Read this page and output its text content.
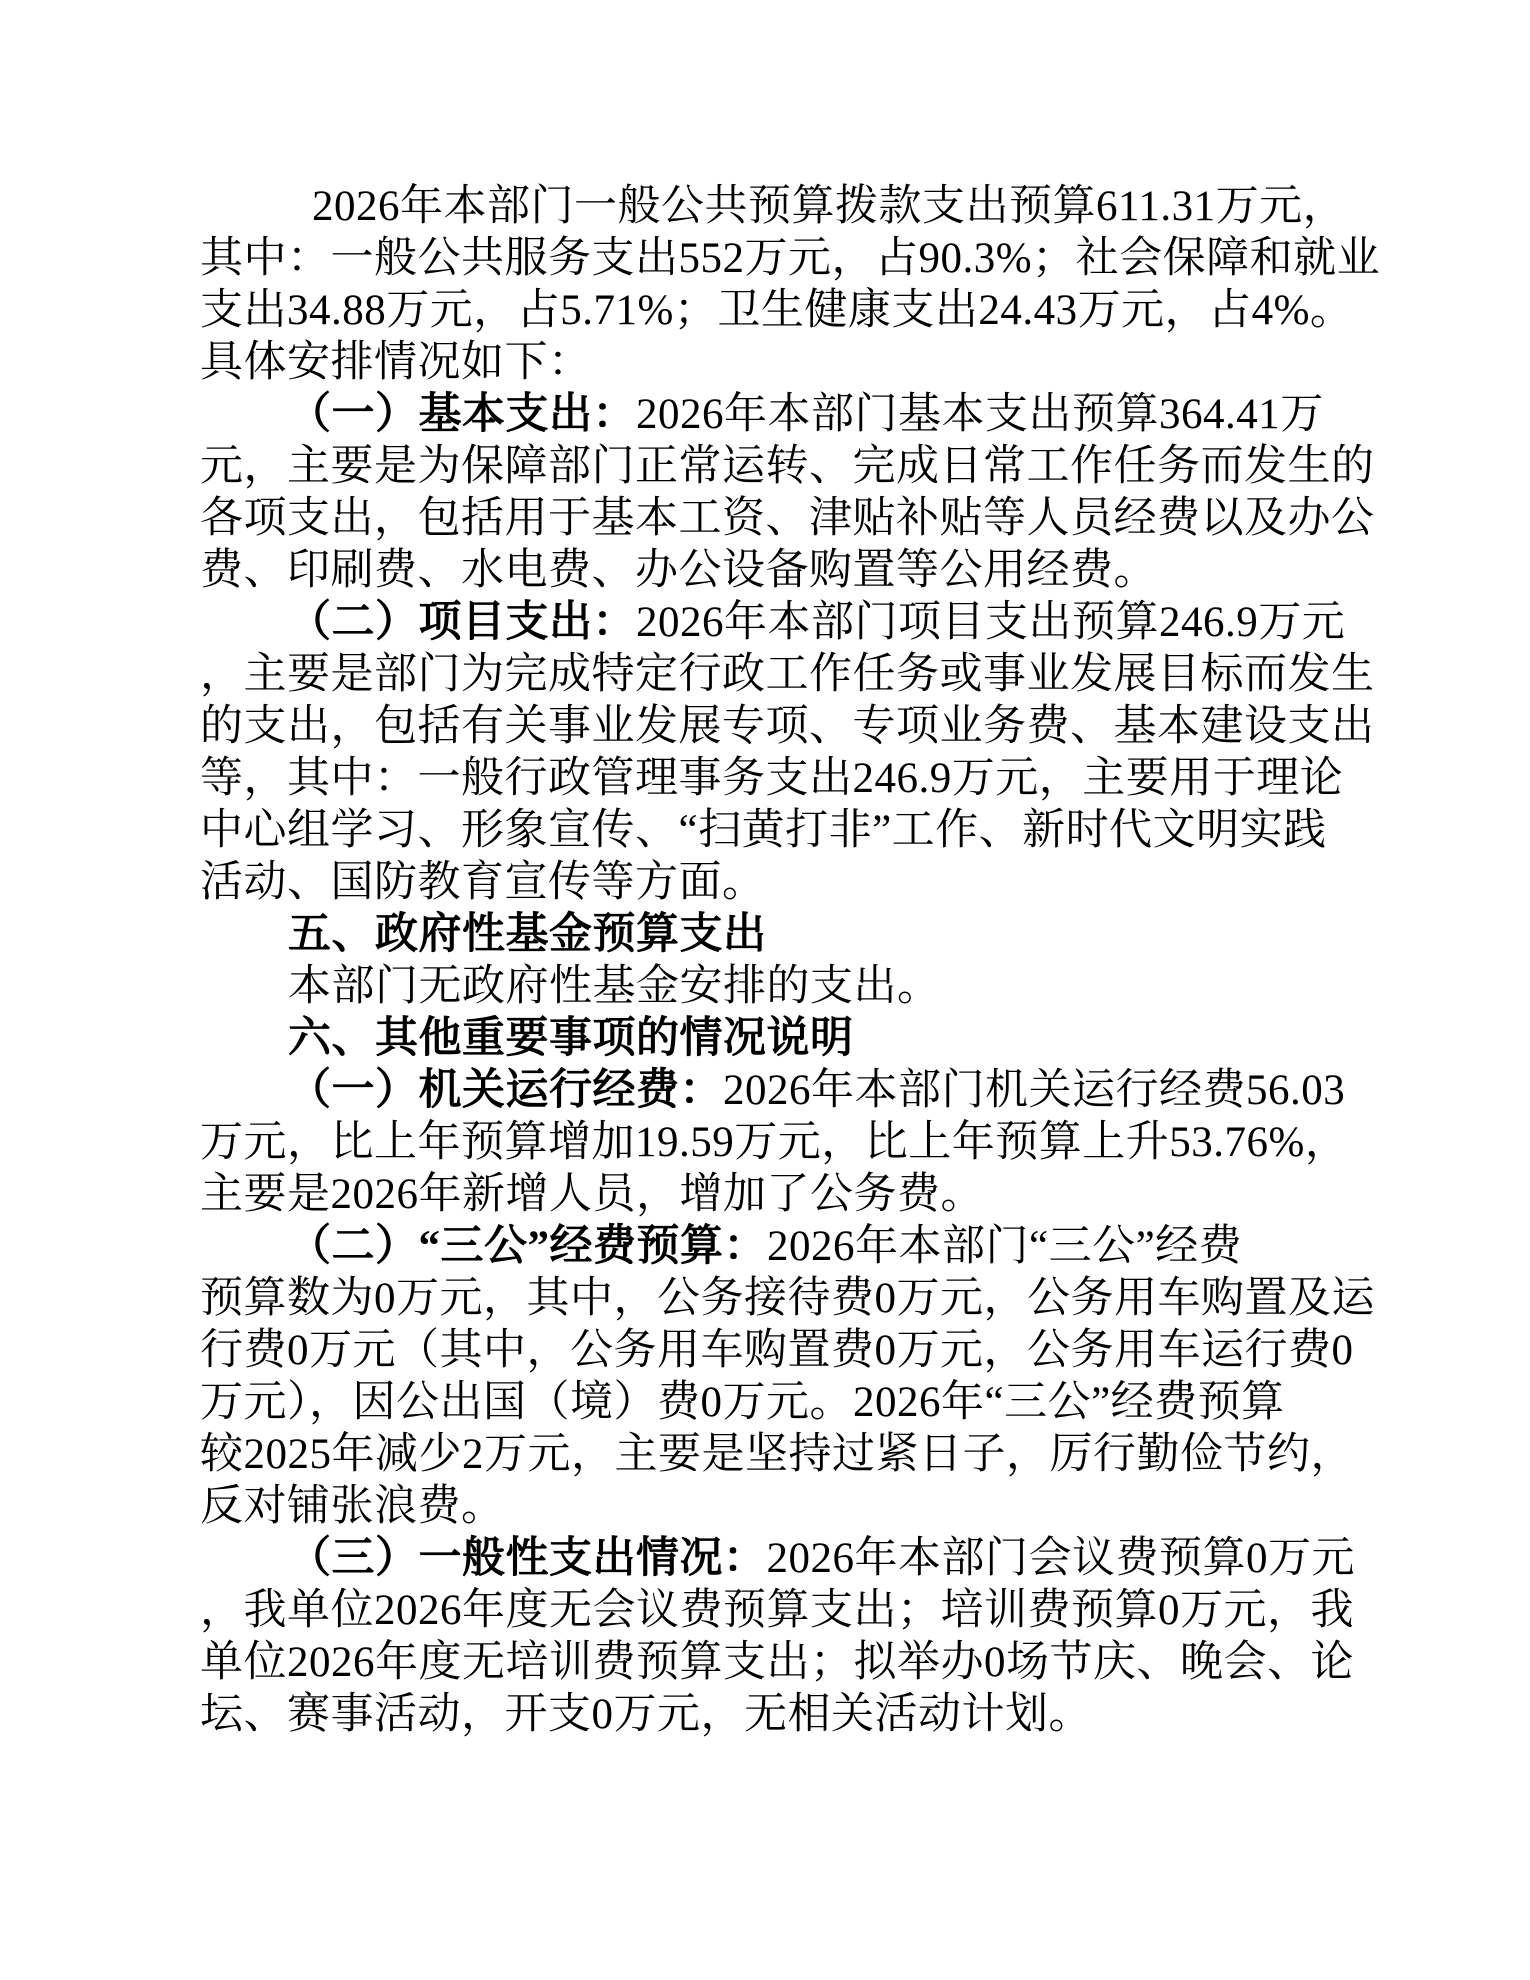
2026年本部门一般公共预算拨款支出预算611.31万元，
其中：一般公共服务支出552万元，占90.3%；社会保障和就业
支出34.88万元，占5.71%；卫生健康支出24.43万元，占4%。
具体安排情况如下：
（一）基本支出：2026年本部门基本支出预算364.41万
元，主要是为保障部门正常运转、完成日常工作任务而发生的
各项支出，包括用于基本工资、津贴补贴等人员经费以及办公
费、印刷费、水电费、办公设备购置等公用经费。
（二）项目支出：2026年本部门项目支出预算246.9万元
，主要是部门为完成特定行政工作任务或事业发展目标而发生
的支出，包括有关事业发展专项、专项业务费、基本建设支出
等，其中：一般行政管理事务支出246.9万元，主要用于理论
中心组学习、形象宣传、“扫黄打非”工作、新时代文明实践
活动、国防教育宣传等方面。
五、政府性基金预算支出
本部门无政府性基金安排的支出。
六、其他重要事项的情况说明
（一）机关运行经费：2026年本部门机关运行经费56.03
万元，比上年预算增加19.59万元，比上年预算上升53.76%，
主要是2026年新增人员，增加了公务费。
（二）“三公”经费预算：2026年本部门“三公”经费
预算数为0万元，其中，公务接待费0万元，公务用车购置及运
行费0万元（其中，公务用车购置费0万元，公务用车运行费0
万元），因公出国（境）费0万元。2026年“三公”经费预算
较2025年减少2万元，主要是坚持过紧日子，厉行勤俭节约，
反对铺张浪费。
（三）一般性支出情况：2026年本部门会议费预算0万元
，我单位2026年度无会议费预算支出；培训费预算0万元，我
单位2026年度无培训费预算支出；拟举办0场节庆、晚会、论
坛、赛事活动，开支0万元，无相关活动计划。
